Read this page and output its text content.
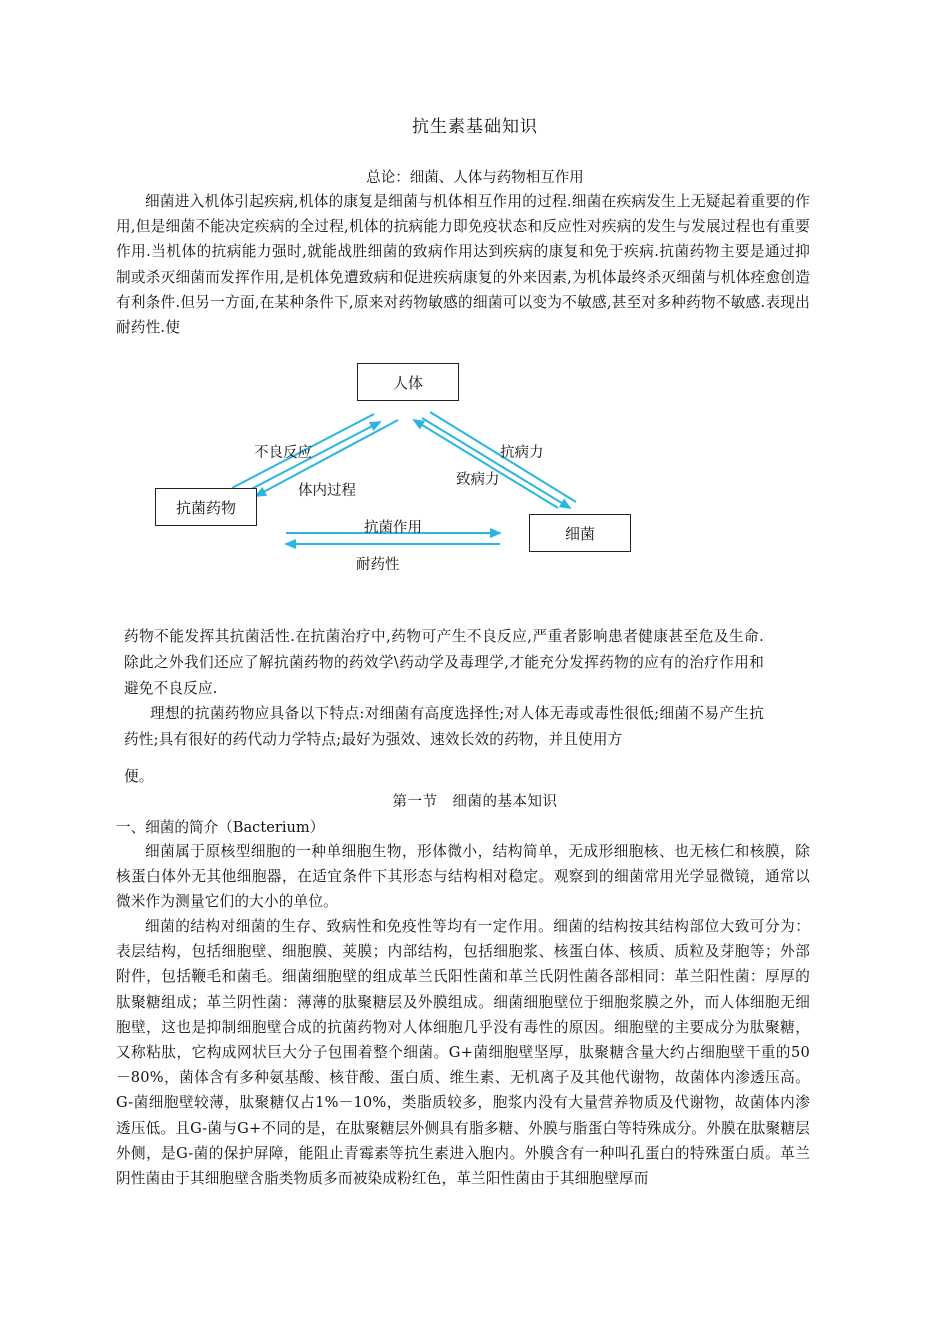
抗生素基础知识
总论：细菌、人体与药物相互作用

细菌进入机体引起疾病,机体的康复是细菌与机体相互作用的过程.细菌在疾病发生上无疑起着重要的作用,但是细菌不能决定疾病的全过程,机体的抗病能力即免疫状态和反应性对疾病的发生与发展过程也有重要作用.当机体的抗病能力强时,就能战胜细菌的致病作用达到疾病的康复和免于疾病.抗菌药物主要是通过抑制或杀灭细菌而发挥作用,是机体免遭致病和促进疾病康复的外来因素,为机体最终杀灭细菌与机体痊愈创造有利条件.但另一方面,在某种条件下,原来对药物敏感的细菌可以变为不敏感,甚至对多种药物不敏感.表现出耐药性.使

人体
抗菌药物
细菌
不良反应
体内过程
抗病力
致病力
抗菌作用
耐药性

药物不能发挥其抗菌活性.在抗菌治疗中,药物可产生不良反应,严重者影响患者健康甚至危及生命.除此之外我们还应了解抗菌药物的药效学\药动学及毒理学,才能充分发挥药物的应有的治疗作用和避免不良反应.

理想的抗菌药物应具备以下特点:对细菌有高度选择性;对人体无毒或毒性很低;细菌不易产生抗药性;具有很好的药代动力学特点;最好为强效、速效长效的药物，并且使用方

便。

第一节　细菌的基本知识
一、细菌的简介（Bacterium）

细菌属于原核型细胞的一种单细胞生物，形体微小，结构简单，无成形细胞核、也无核仁和核膜，除核蛋白体外无其他细胞器，在适宜条件下其形态与结构相对稳定。观察到的细菌常用光学显微镜，通常以微米作为测量它们的大小的单位。

细菌的结构对细菌的生存、致病性和免疫性等均有一定作用。细菌的结构按其结构部位大致可分为：表层结构，包括细胞壁、细胞膜、荚膜；内部结构，包括细胞浆、核蛋白体、核质、质粒及芽胞等；外部附件，包括鞭毛和菌毛。细菌细胞壁的组成革兰氏阳性菌和革兰氏阴性菌各部相同：革兰阳性菌：厚厚的肽聚糖组成；革兰阴性菌：薄薄的肽聚糖层及外膜组成。细菌细胞壁位于细胞浆膜之外，而人体细胞无细胞壁，这也是抑制细胞壁合成的抗菌药物对人体细胞几乎没有毒性的原因。细胞壁的主要成分为肽聚糖，又称粘肽，它构成网状巨大分子包围着整个细菌。G+菌细胞壁坚厚，肽聚糖含量大约占细胞壁干重的50－80%，菌体含有多种氨基酸、核苷酸、蛋白质、维生素、无机离子及其他代谢物，故菌体内渗透压高。G-菌细胞壁较薄，肽聚糖仅占1%－10%，类脂质较多，胞浆内没有大量营养物质及代谢物，故菌体内渗透压低。且G-菌与G+不同的是，在肽聚糖层外侧具有脂多糖、外膜与脂蛋白等特殊成分。外膜在肽聚糖层外侧，是G-菌的保护屏障，能阻止青霉素等抗生素进入胞内。外膜含有一种叫孔蛋白的特殊蛋白质。革兰阴性菌由于其细胞壁含脂类物质多而被染成粉红色，革兰阳性菌由于其细胞壁厚而
